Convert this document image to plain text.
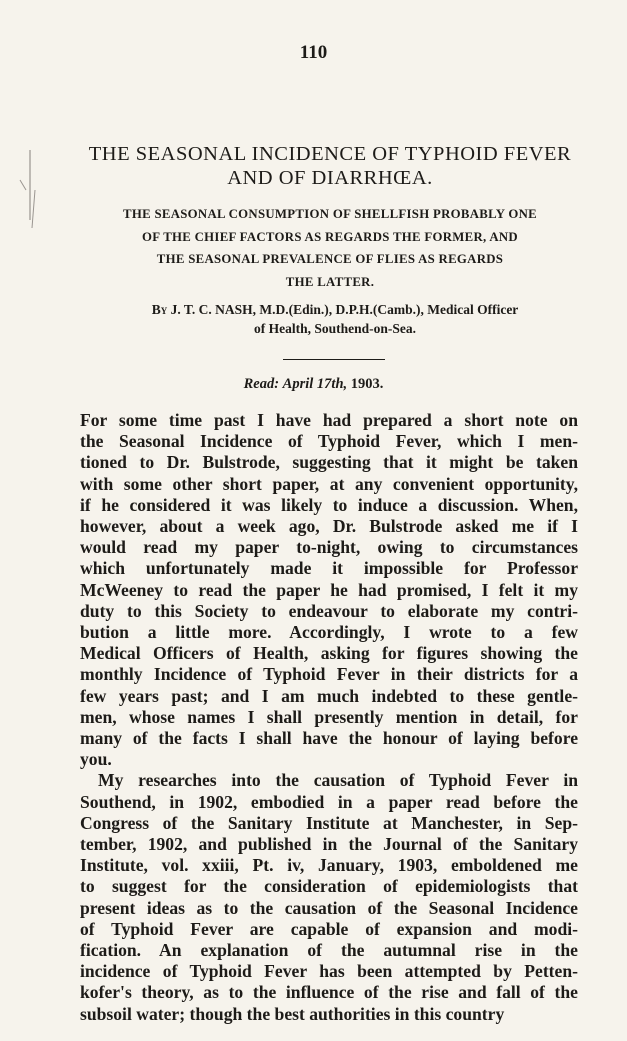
110
THE SEASONAL INCIDENCE OF TYPHOID FEVER
AND OF DIARRHŒA.
THE SEASONAL CONSUMPTION OF SHELLFISH PROBABLY ONE
OF THE CHIEF FACTORS AS REGARDS THE FORMER, AND
THE SEASONAL PREVALENCE OF FLIES AS REGARDS
THE LATTER.
By J. T. C. NASH, M.D.(Edin.), D.P.H.(Camb.), Medical Officer
of Health, Southend-on-Sea.
Read: April 17th, 1903.

For some time past I have had prepared a short note on

the Seasonal Incidence of Typhoid Fever, which I men-

tioned to Dr. Bulstrode, suggesting that it might be taken

with some other short paper, at any convenient opportunity,

if he considered it was likely to induce a discussion. When,

however, about a week ago, Dr. Bulstrode asked me if I

would read my paper to-night, owing to circumstances

which unfortunately made it impossible for Professor

McWeeney to read the paper he had promised, I felt it my

duty to this Society to endeavour to elaborate my contri-

bution a little more. Accordingly, I wrote to a few

Medical Officers of Health, asking for figures showing the

monthly Incidence of Typhoid Fever in their districts for a

few years past; and I am much indebted to these gentle-

men, whose names I shall presently mention in detail, for

many of the facts I shall have the honour of laying before

you.

My researches into the causation of Typhoid Fever in

Southend, in 1902, embodied in a paper read before the

Congress of the Sanitary Institute at Manchester, in Sep-

tember, 1902, and published in the Journal of the Sanitary

Institute, vol. xxiii, Pt. iv, January, 1903, emboldened me

to suggest for the consideration of epidemiologists that

present ideas as to the causation of the Seasonal Incidence

of Typhoid Fever are capable of expansion and modi-

fication. An explanation of the autumnal rise in the

incidence of Typhoid Fever has been attempted by Petten-

kofer's theory, as to the influence of the rise and fall of the

subsoil water; though the best authorities in this country
